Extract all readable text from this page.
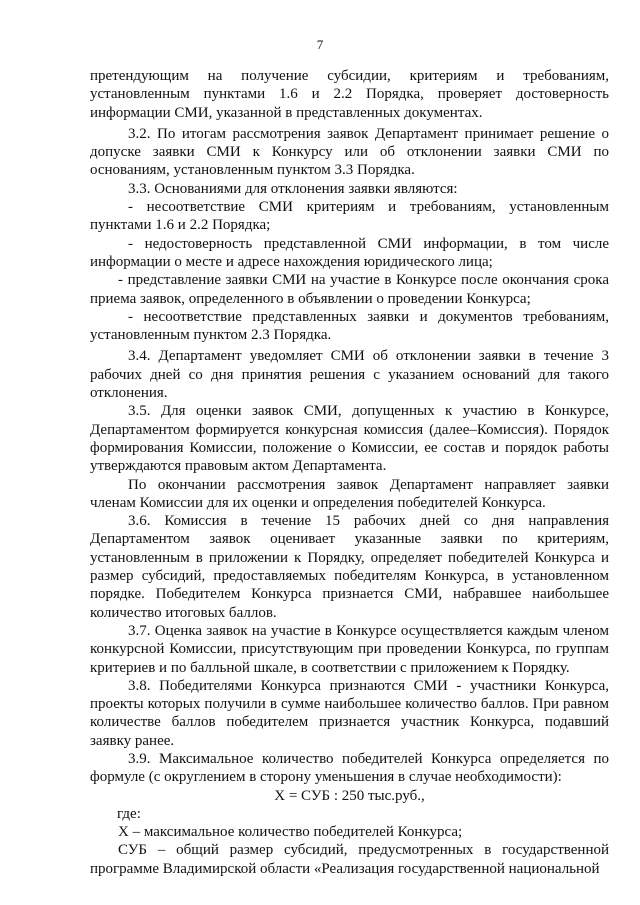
7

претендующим на получение субсидии, критериям и требованиям, установленным пунктами 1.6 и 2.2 Порядка, проверяет достоверность информации СМИ, указанной в представленных документах.

3.2. По итогам рассмотрения заявок Департамент принимает решение о допуске заявки СМИ к Конкурсу или об отклонении заявки СМИ по основаниям, установленным пунктом 3.3 Порядка.

3.3. Основаниями для отклонения заявки являются:

- несоответствие СМИ критериям и требованиям, установленным пунктами 1.6 и 2.2 Порядка;

- недостоверность представленной СМИ информации, в том числе информации о месте и адресе нахождения юридического лица;

- представление заявки СМИ на участие в Конкурсе после окончания срока приема заявок, определенного в объявлении о проведении Конкурса;

- несоответствие представленных заявки и документов требованиям, установленным пунктом 2.3 Порядка.

3.4. Департамент уведомляет СМИ об отклонении заявки в течение 3 рабочих дней со дня принятия решения с указанием оснований для такого отклонения.

3.5. Для оценки заявок СМИ, допущенных к участию в Конкурсе, Департаментом формируется конкурсная комиссия (далее–Комиссия). Порядок формирования Комиссии, положение о Комиссии, ее состав и порядок работы утверждаются правовым актом Департамента.

По окончании рассмотрения заявок Департамент направляет заявки членам Комиссии для их оценки и определения победителей Конкурса.

3.6. Комиссия в течение 15 рабочих дней со дня направления Департаментом заявок оценивает указанные заявки по критериям, установленным в приложении к Порядку, определяет победителей Конкурса и размер субсидий, предоставляемых победителям Конкурса, в установленном порядке. Победителем Конкурса признается СМИ, набравшее наибольшее количество итоговых баллов.

3.7. Оценка заявок на участие в Конкурсе осуществляется каждым членом конкурсной Комиссии, присутствующим при проведении Конкурса, по группам критериев и по балльной шкале, в соответствии с приложением к Порядку.

3.8. Победителями Конкурса признаются СМИ - участники Конкурса, проекты которых получили в сумме наибольшее количество баллов. При равном количестве баллов победителем признается участник Конкурса, подавший заявку ранее.

3.9. Максимальное количество победителей Конкурса определяется по формуле (с округлением в сторону уменьшения в случае необходимости):

Х = СУБ : 250 тыс.руб.,

где:

Х – максимальное количество победителей Конкурса;

СУБ – общий размер субсидий, предусмотренных в государственной программе Владимирской области «Реализация государственной национальной
